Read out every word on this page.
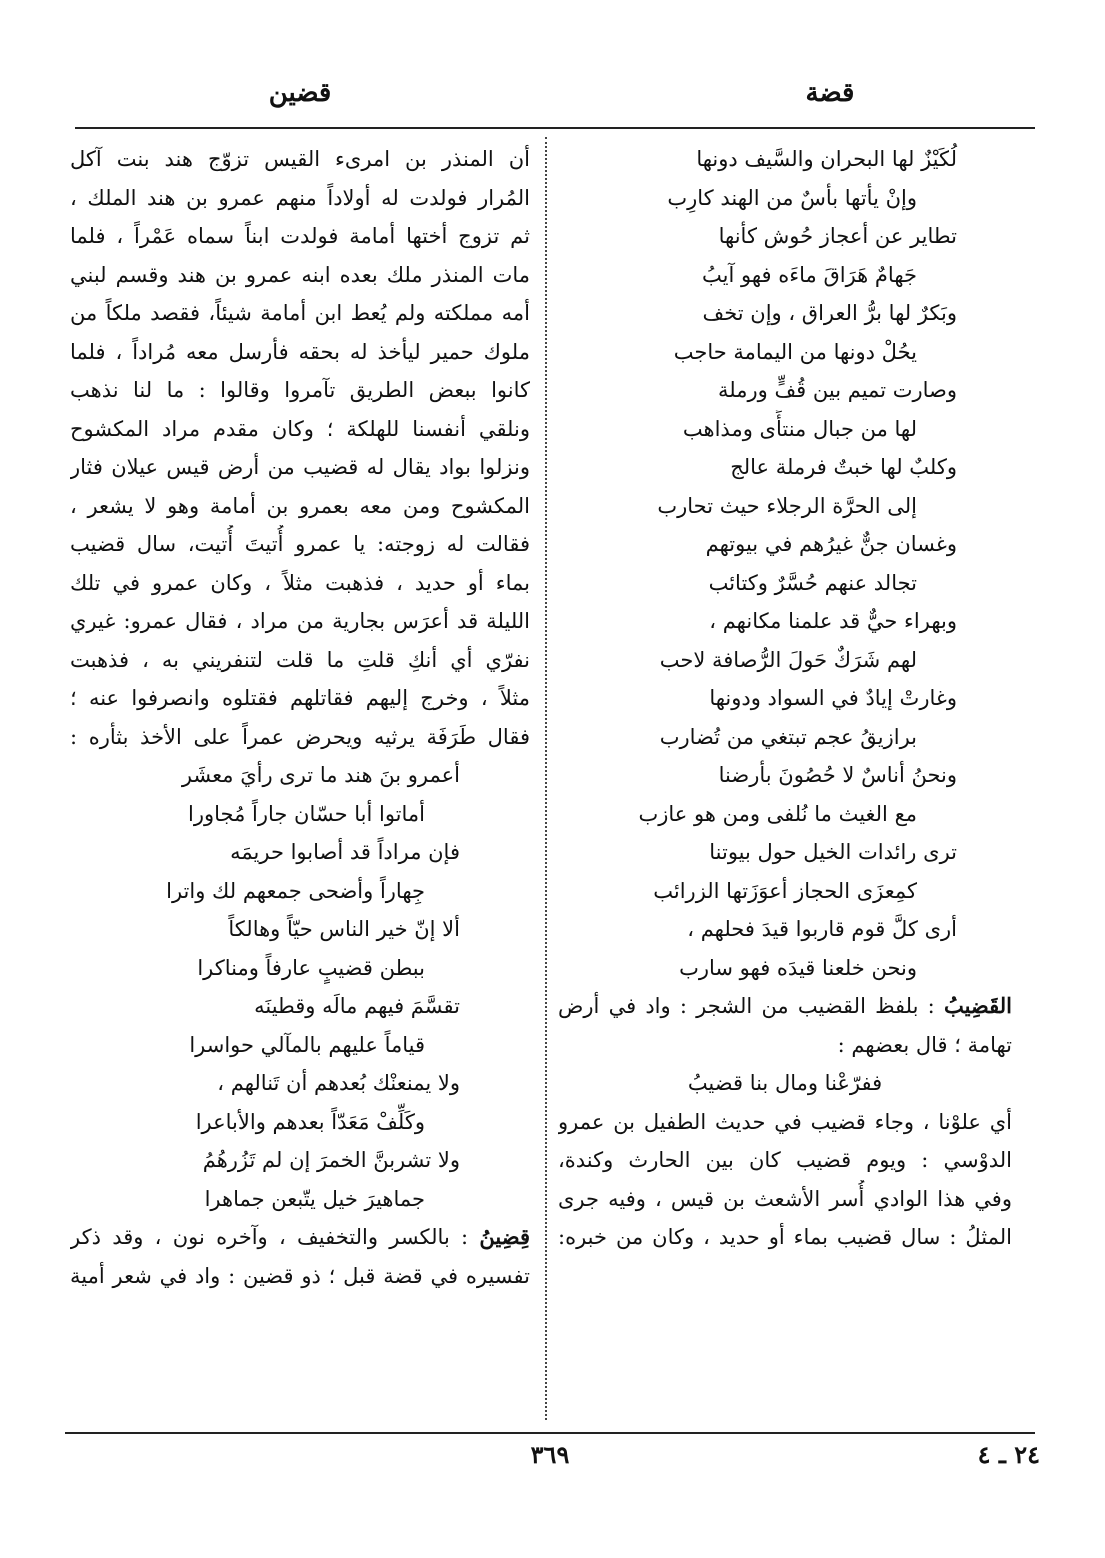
قضة
قضين
لُكَيْزٌ لها البحران والسَّيف دونها
وإنْ يأتها بأسٌ من الهند كارِب
تطاير عن أعجاز حُوش كأنها
جَهامٌ هَرَاقَ ماءَه فهو آيبُ
وبَكرٌ لها برُّ العراق ، وإن تخف
يحُلْ دونها من اليمامة حاجب
وصارت تميم بين قُفٍّ ورملة
لها من جبال منتأًى ومذاهب
وكلبٌ لها خبتٌ فرملة عالج
إلى الحرَّة الرجلاء حيث تحارب
وغسان جنٌّ غيرُهم في بيوتهم
تجالد عنهم حُسَّرٌ وكتائب
وبهراء حيٌّ قد علمنا مكانهم ،
لهم شَرَكٌ حَولَ الرُّصافة لاحب
وغارتْ إيادٌ في السواد ودونها
برازيقُ عجم تبتغي من تُضارب
ونحنُ أناسٌ لا حُصُونَ بأرضنا
مع الغيث ما نُلفى ومن هو عازب
ترى رائدات الخيل حول بيوتنا
كمِعزَى الحجاز أعوَزَتها الزرائب
أرى كلَّ قوم قاربوا قيدَ فحلهم ،
ونحن خلعنا قيدَه فهو سارب
القَضِيبُ : بلفظ القضيب من الشجر : واد في أرض
تهامة ؛ قال بعضهم :
ففرّعْنا ومال بنا قضيبُ
أي علوْنا ، وجاء قضيب في حديث الطفيل بن عمرو
الدوْسي : ويوم قضيب كان بين الحارث وكندة،
وفي هذا الوادي أُسر الأشعث بن قيس ، وفيه جرى
المثلُ : سال قضيب بماء أو حديد ، وكان من خبره:
أن المنذر بن امرىء القيس تزوّج هند بنت آكل
المُرار فولدت له أولاداً منهم عمرو بن هند الملك ،
ثم تزوج أختها أمامة فولدت ابناً سماه عَمْراً ، فلما
مات المنذر ملك بعده ابنه عمرو بن هند وقسم لبني
أمه مملكته ولم يُعط ابن أمامة شيئاً، فقصد ملكاً من
ملوك حمير ليأخذ له بحقه فأرسل معه مُراداً ، فلما
كانوا ببعض الطريق تآمروا وقالوا : ما لنا نذهب
ونلقي أنفسنا للهلكة ؛ وكان مقدم مراد المكشوح
ونزلوا بواد يقال له قضيب من أرض قيس عيلان فثار
المكشوح ومن معه بعمرو بن أمامة وهو لا يشعر ،
فقالت له زوجته: يا عمرو أُتيتَ أُتيت، سال قضيب
بماء أو حديد ، فذهبت مثلاً ، وكان عمرو في تلك
الليلة قد أعرَس بجارية من مراد ، فقال عمرو: غيري
نفرّي أي أنكِ قلتِ ما قلت لتنفريني به ، فذهبت
مثلاً ، وخرج إليهم فقاتلهم فقتلوه وانصرفوا عنه ؛
فقال طَرَفَة يرثيه ويحرض عمراً على الأخذ بثأره :
أعمرو بنَ هند ما ترى رأيَ معشَر
أماتوا أبا حسّان جاراً مُجاورا
فإن مراداً قد أصابوا حريمَه
جِهاراً وأضحى جمعهم لك واترا
ألا إنّ خير الناس حيّاً وهالكاً
ببطن قضيبٍ عارفاً ومناكرا
تقسَّمَ فيهم مالَه وقطينَه
قياماً عليهم بالمآلي حواسرا
ولا يمنعنْك بُعدهم أن تَنالهم ،
وكَلِّفْ مَعَدّاً بعدهم والأباعرا
ولا تشربنَّ الخمرَ إن لم تَزُرهُمُ
جماهيرَ خيل يتّبعن جماهرا
قِضِينُ : بالكسر والتخفيف ، وآخره نون ، وقد ذكر
تفسيره في قضة قبل ؛ ذو قضين : واد في شعر أمية
٣٦٩	٢٤ ـ ٤
